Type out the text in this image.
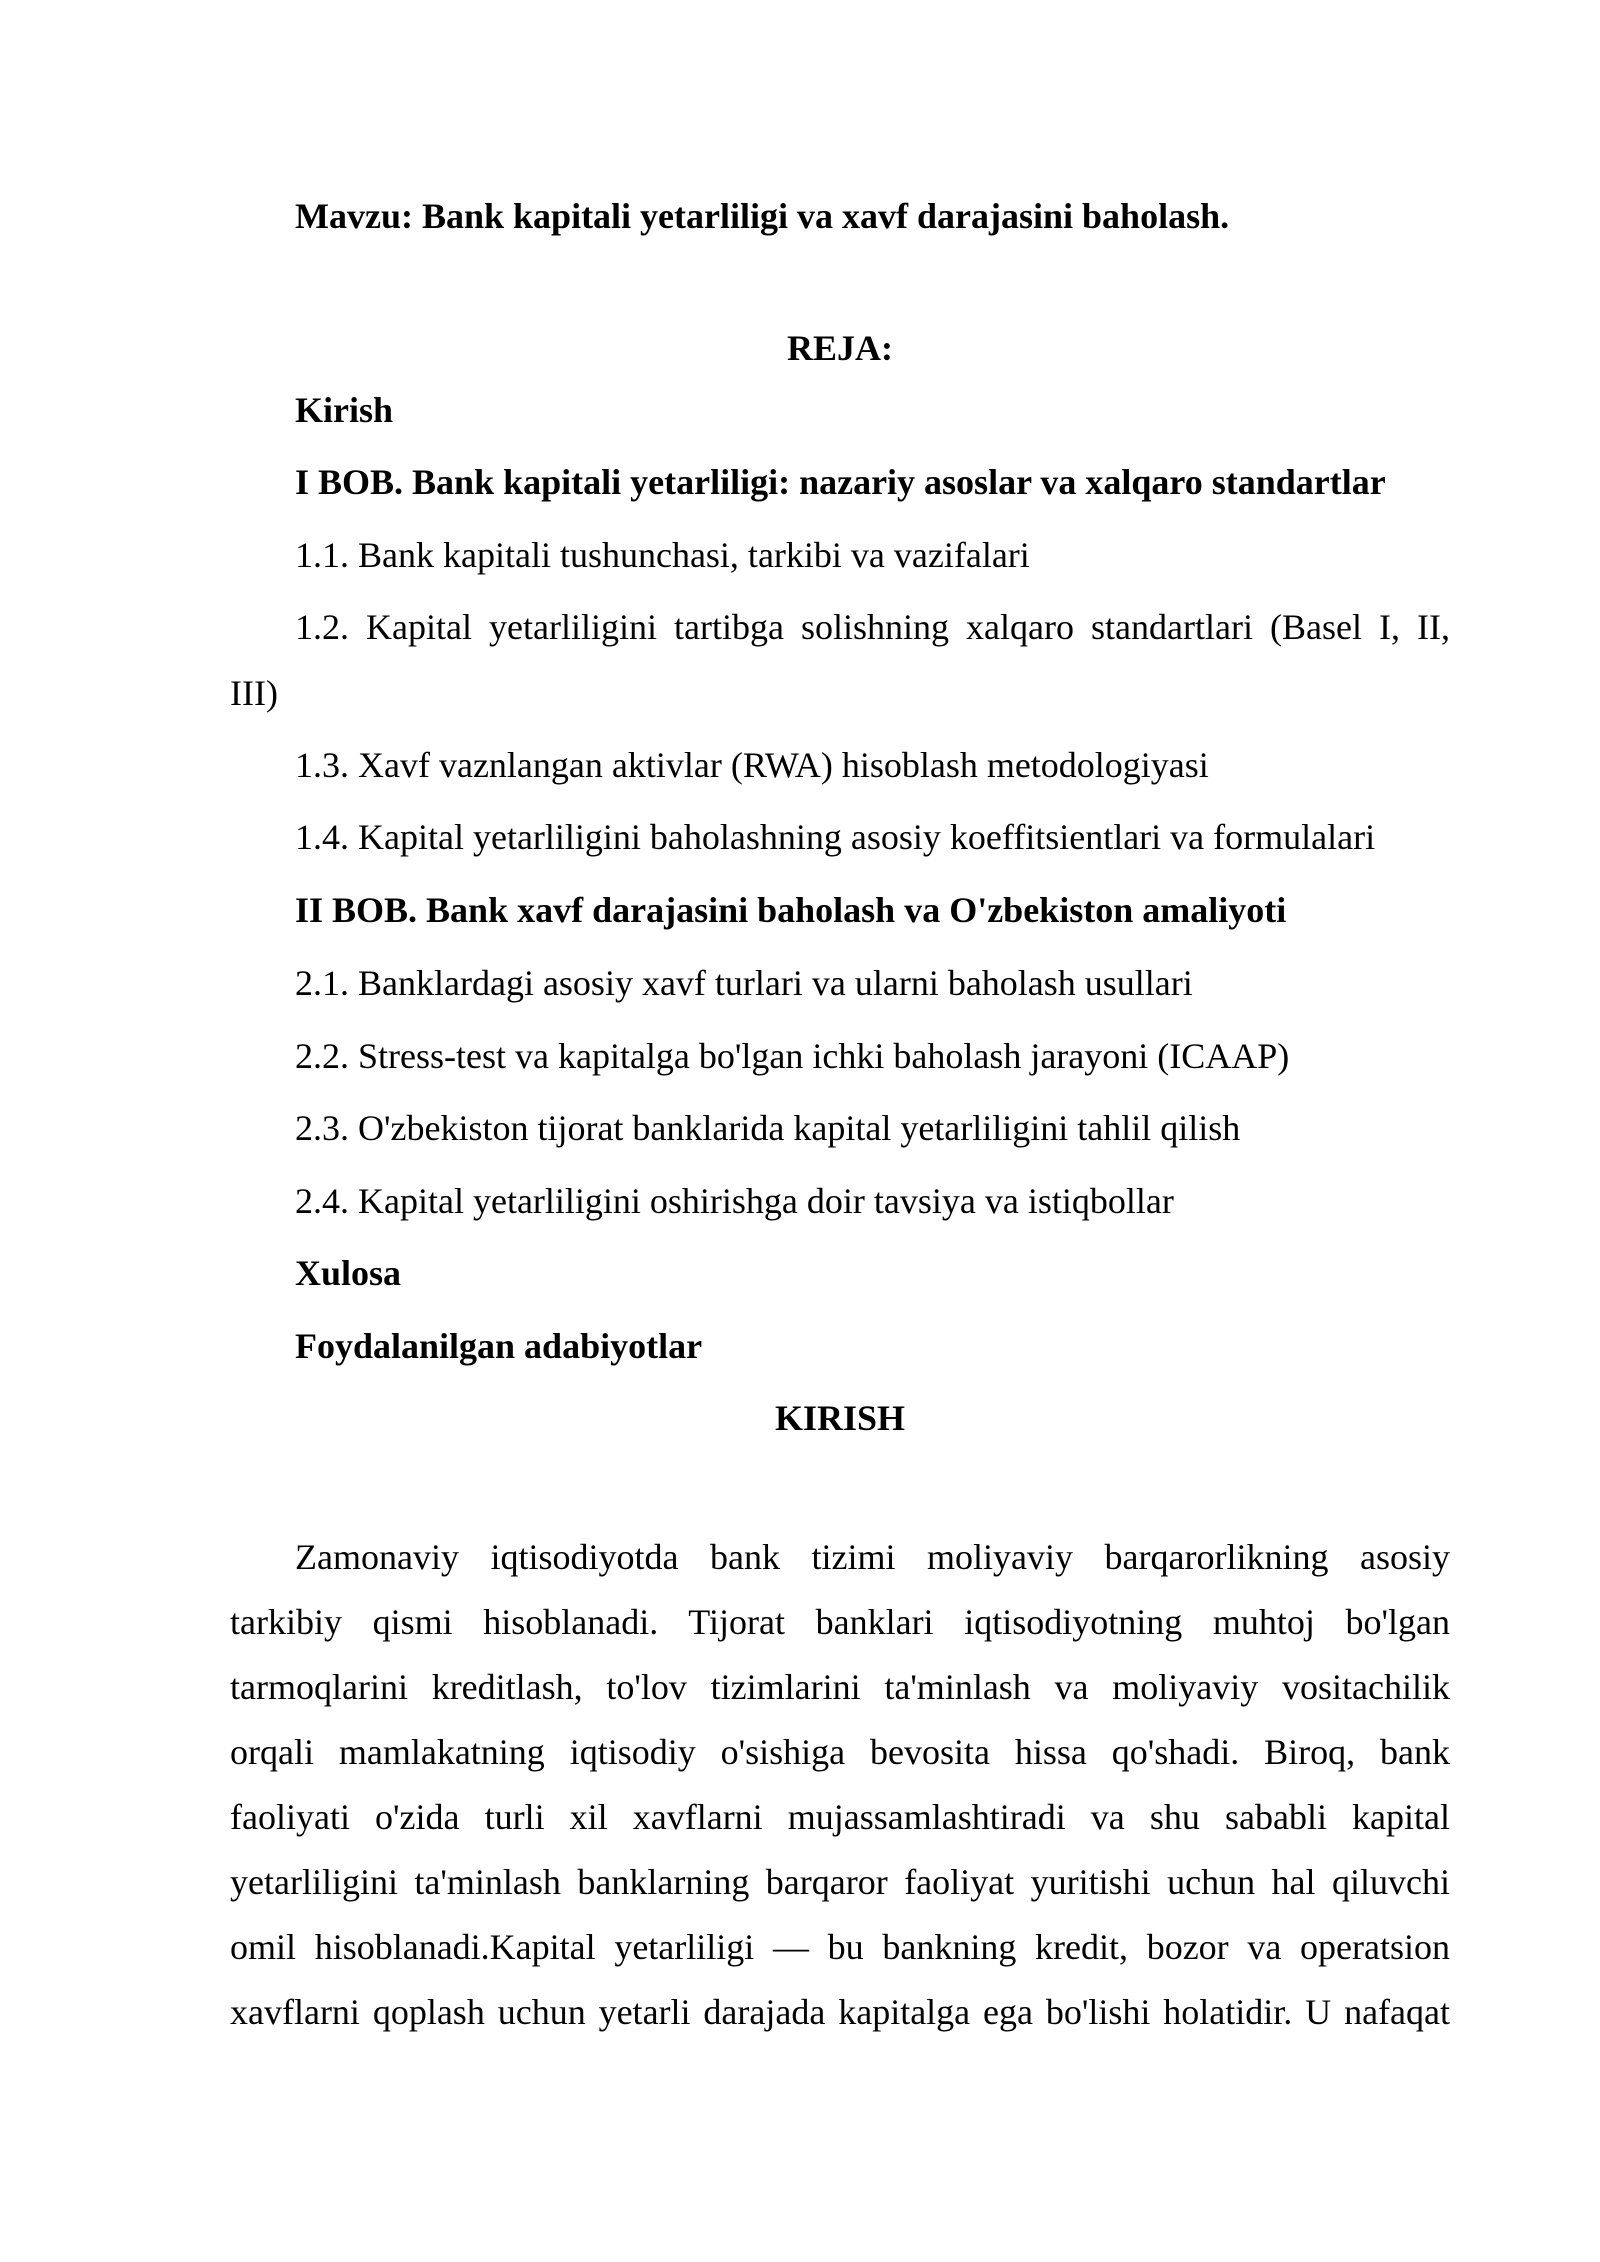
Mavzu: Bank kapitali yetarliligi va xavf darajasini baholash.
REJA:
Kirish
I BOB. Bank kapitali yetarliligi: nazariy asoslar va xalqaro standartlar
1.1. Bank kapitali tushunchasi, tarkibi va vazifalari
1.2. Kapital yetarliligini tartibga solishning xalqaro standartlari (Basel I, II,
III)
1.3. Xavf vaznlangan aktivlar (RWA) hisoblash metodologiyasi
1.4. Kapital yetarliligini baholashning asosiy koeffitsientlari va formulalari
II BOB. Bank xavf darajasini baholash va O'zbekiston amaliyoti
2.1. Banklardagi asosiy xavf turlari va ularni baholash usullari
2.2. Stress-test va kapitalga bo'lgan ichki baholash jarayoni (ICAAP)
2.3. O'zbekiston tijorat banklarida kapital yetarliligini tahlil qilish
2.4. Kapital yetarliligini oshirishga doir tavsiya va istiqbollar
Xulosa
Foydalanilgan adabiyotlar
KIRISH
Zamonaviy iqtisodiyotda bank tizimi moliyaviy barqarorlikning asosiy
tarkibiy qismi hisoblanadi. Tijorat banklari iqtisodiyotning muhtoj bo'lgan
tarmoqlarini kreditlash, to'lov tizimlarini ta'minlash va moliyaviy vositachilik
orqali mamlakatning iqtisodiy o'sishiga bevosita hissa qo'shadi. Biroq, bank
faoliyati o'zida turli xil xavflarni mujassamlashtiradi va shu sababli kapital
yetarliligini ta'minlash banklarning barqaror faoliyat yuritishi uchun hal qiluvchi
omil hisoblanadi.Kapital yetarliligi — bu bankning kredit, bozor va operatsion
xavflarni qoplash uchun yetarli darajada kapitalga ega bo'lishi holatidir. U nafaqat
